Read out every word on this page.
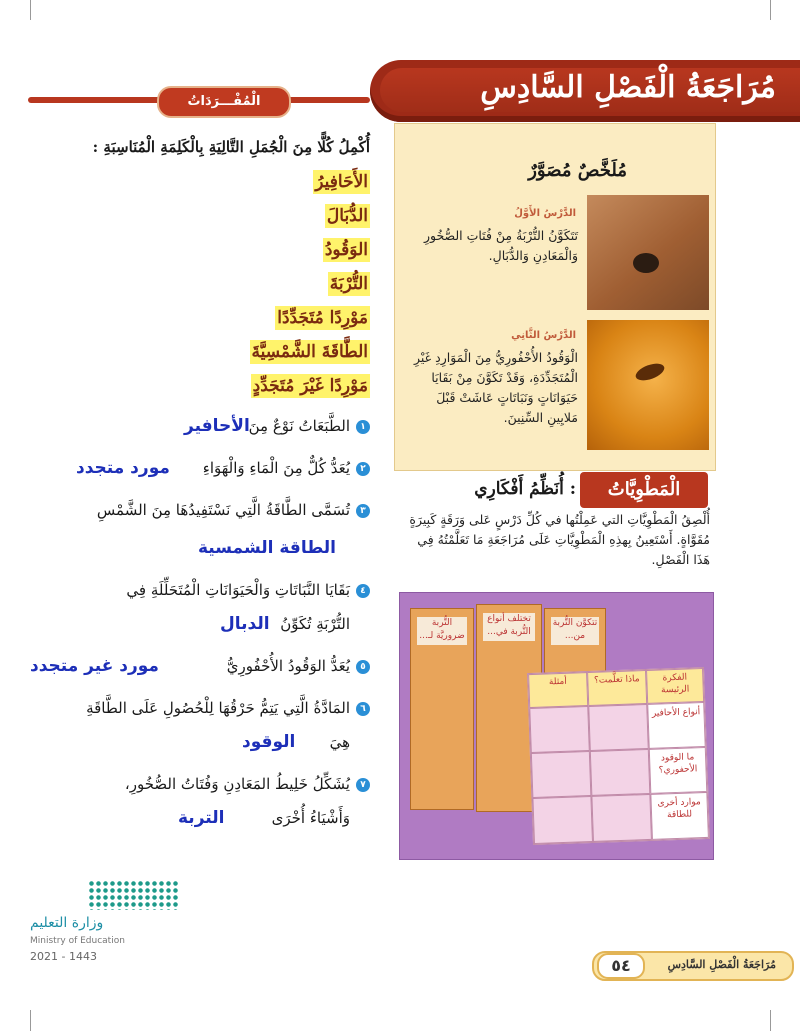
مُرَاجَعَةُ الْفَصْلِ السَّادِسِ
الْمُفْـــرَدَاتُ
مُلَخَّصٌ مُصَوَّرٌ
الدَّرْسُ الأَوَّلُ
تَتَكَوَّنُ التُّرْبَةُ مِنْ فُتَاتِ الصُّخُورِ وَالْمَعَادِنِ وَالدُّبَالِ.
الدَّرْسُ الثَّانِي
الْوَقُودُ الأُحْفُورِيُّ مِنَ الْمَوَارِدِ غَيْرِ الْمُتَجَدِّدَةِ، وَقَدْ تَكَوَّنَ مِنْ بَقَايَا حَيَوَانَاتٍ وَنَبَاتَاتٍ عَاشَتْ قَبْلَ مَلايِينِ السِّنِينَ.
الْمَطْوِيَّاتُ
: أُنَظِّمُ أَفْكَارِي
أُلْصِقُ الْمَطْوِيَّاتِ التي عَمِلْتُها في كُلِّ دَرْسٍ عَلى وَرَقَةٍ كَبِيرَةٍ مُقَوَّاةٍ. أَسْتَعِينُ بِهذِهِ الْمَطْوِيَّاتِ عَلَى مُرَاجَعَةِ مَا تَعَلَّمْتُهُ فِي هَذَا الْفَصْلِ.
التُّربة ضروريَّة لـ...
تختلف أنواع التُّربة في...
تتكوَّن التُّربة من...
الفكرة الرئيسة
ماذا تعلَّمت؟
أمثلة
أنواع الأحافير
ما الوقود الأحفوري؟
موارد أخرى للطاقة
أُكْمِلُ كُلًّا مِنَ الْجُمَلِ التَّالِيَةِ بِالْكَلِمَةِ الْمُنَاسِبَةِ :
الأَحَافِيرُ
الدُّبَالَ
الوَقُودُ
التُّرْبَةَ
مَوْرِدًا مُتَجَدِّدًا
الطَّاقَةَ الشَّمْسِيَّةَ
مَوْرِدًا غَيْرَ مُتَجَدِّدٍ
١
الطَّبَعَاتُ نَوْعٌ مِنَ
الأحافير
٢
يُعَدُّ كُلٌّ مِنَ الْمَاءِ وَالْهَوَاءِ
مورد متجدد
٣
تُسَمَّى الطَّاقَةُ الَّتِي نَسْتَفِيدُهَا مِنَ الشَّمْسِ
الطاقة الشمسية
٤
بَقَايَا النَّبَاتَاتِ وَالْحَيَوَانَاتِ الْمُتَحَلِّلَةِ فِي
التُّرْبَةِ تُكَوِّنُ
الدبال
٥
يُعَدُّ الوَقُودُ الأُحْفُورِيُّ
مورد غير متجدد
٦
المَادَّةُ الَّتِي يَتِمُّ حَرْقُهَا لِلْحُصُولِ عَلَى الطَّاقَةِ
هِيَ
الوقود
٧
يُشَكِّلُ خَلِيطُ المَعَادِنِ وَفُتَاتُ الصُّخُورِ،
وَأَشْيَاءُ أُخْرَى
التربة
وزارة التعليم
Ministry of Education
2021 - 1443
مُرَاجَعَةُ الْفَصْلِ السَّادِسِ
٥٤
